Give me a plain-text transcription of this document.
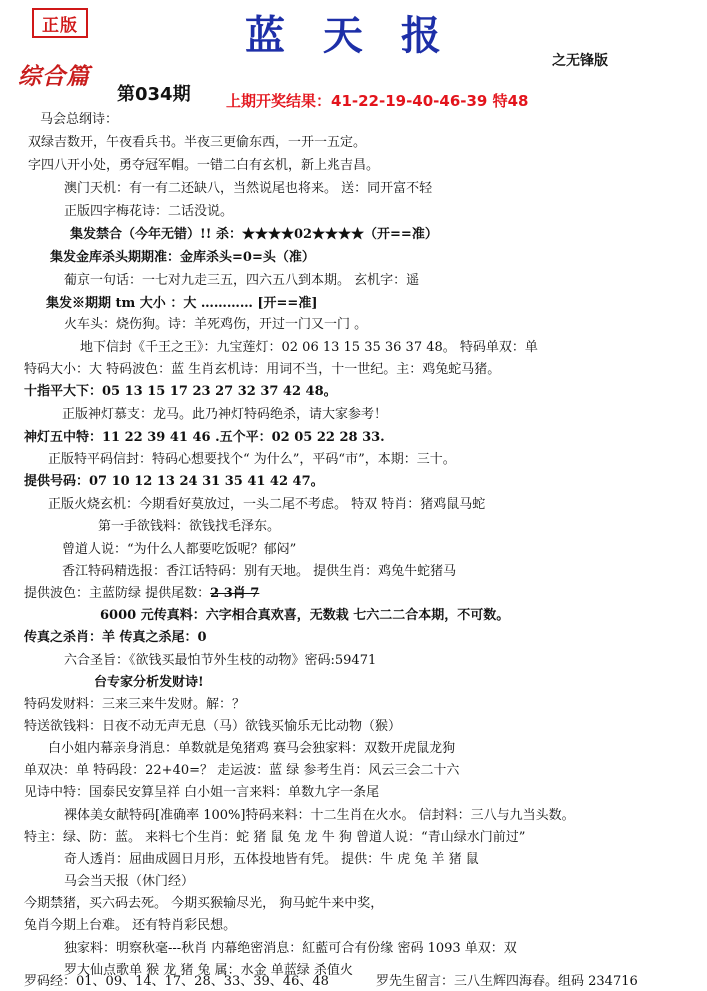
正版	蓝 天 报
之无锋版
综合篇
第034期 上期开奖结果：41-22-19-40-46-39 特48
马会总纲诗：
双绿吉数开，午夜看兵书。半夜三更偷东西，一开一五定。
字四八开小处，勇夺冠军帽。一错二白有玄机，新上兆吉昌。
澳门天机：有一有二还缺八，当然说尾也将来。 送：同开富不轻
正版四字梅花诗：二话没说。
集发禁合（今年无错）!! 杀：★★★★02★★★★（开==准）
集发金库杀头期期准：金库杀头=0=头（准）
葡京一句话：一七对九走三五，四六五八到本期。 玄机字：遥
集发※期期 tm 大小 ：大 ………… [开==准]
火车头：烧伤狗。诗：羊死鸡伤，开过一门又一门 。
地下信封《千王之王》：九宝莲灯：02 06 13 15 35 36 37 48。 特码单双：单
特码大小：大 特码波色：蓝 生肖玄机诗：用词不当，十一世纪。主：鸡兔蛇马猪。
十指平大下：05 13 15 17 23 27 32 37 42 48。
正版神灯慕支：龙马。此乃神灯特码绝杀，请大家参考！
神灯五中特：11 22 39 41 46 .五个平：02 05 22 28 33.
正版特平码信封：特码心想要找个“ 为什么”，平码“市”，本期：三十。
提供号码：07 10 12 13 24 31 35 41 42 47。
正版火烧玄机：今期看好莫放过，一头二尾不考虑。 特双 特肖：猪鸡鼠马蛇
第一手欲钱料：欲钱找毛泽东。
曾道人说：“为什么人都要吃饭呢？郁闷”
香江特码精选报：香江话特码：别有天地。 提供生肖：鸡兔牛蛇猪马
提供波色：主蓝防绿 提供尾数：2 3肖 7
6000 元传真料：六字相合真欢喜，无数栽 七六二二合本期，不可数。
传真之杀肖：羊 传真之杀尾：0
六合圣旨：《欲钱买最怕节外生枝的动物》密码:59471
台专家分析发财诗!
特码发财料：三来三来牛发财。解：？
特送欲钱料：日夜不动无声无息（马）欲钱买愉乐无比动物（猴）
白小姐内幕亲身消息：单数就是兔猪鸡 赛马会独家料：双数开虎鼠龙狗
单双决：单 特码段：22+40=？ 走运波：蓝 绿 参考生肖：风云三会二十六
见诗中特：国泰民安算呈祥 白小姐一言来料：单数九字一条尾
裸体美女献特码[准确率 100%]特码来料：十二生肖在火水。 信封料：三八与九当头数。
特主：绿、防：蓝。 来料七个生肖：蛇 猪 鼠 兔 龙 牛 狗 曾道人说：“青山绿水门前过”
奇人透肖：屈曲成圆日月形，五体投地皆有凭。 提供：牛 虎 兔 羊 猪 鼠
马会当天报（休门经）
今期禁猪，买六码去死。 今期买猴输尽光， 狗马蛇牛来中奖，
兔肖今期上台难。 还有特肖彩民想。
独家料：明察秋毫---秋肖 内幕绝密消息：紅藍可合有份缘 密码 1093 单双：双
罗大仙点歌单 猴 龙 猪 兔 属：水金 单蓝绿 杀值火
罗码经：01、09、14、17、28、33、39、46、48	罗先生留言：三八生辉四海春。组码 234716
